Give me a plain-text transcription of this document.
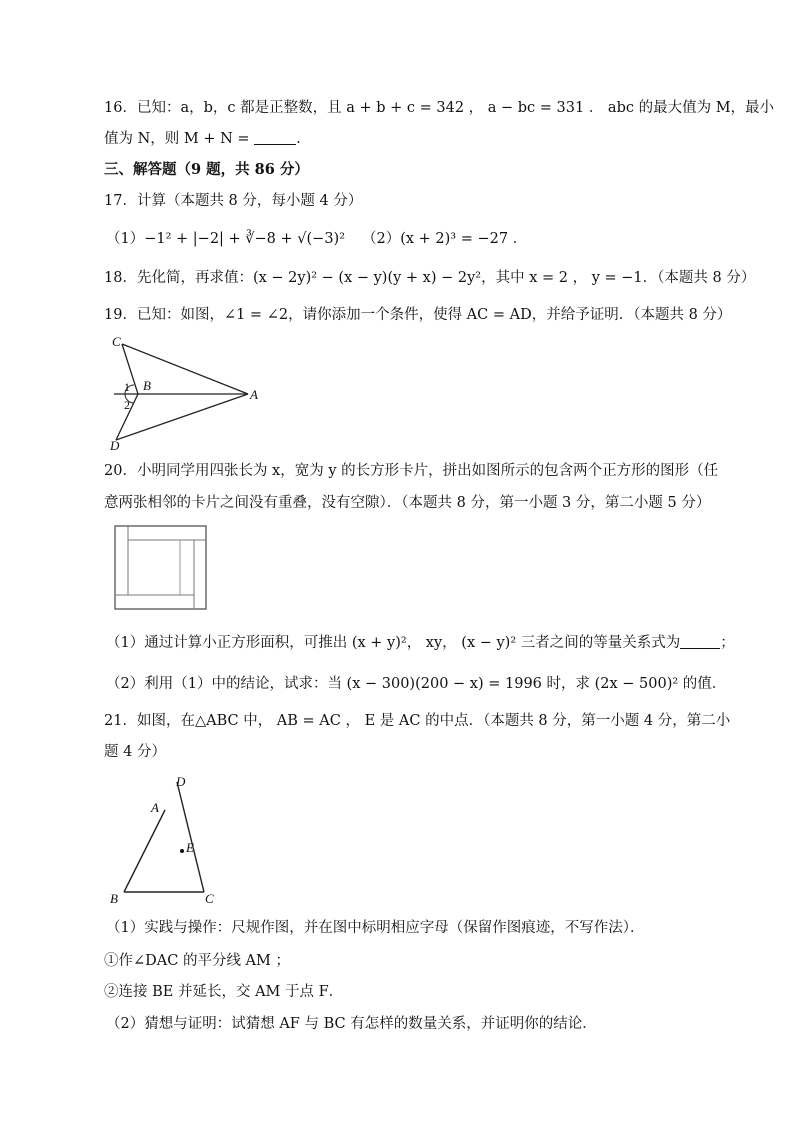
16．已知：a，b，c 都是正整数，且 a + b + c = 342 ， a − bc = 331 ． abc 的最大值为 M，最小
值为 N，则 M + N =	．
三、解答题（9 题，共 86 分）
17．计算（本题共 8 分，每小题 4 分）
（1）−1² + |−2| + ∛−8 + √(−3)² （2）(x + 2)³ = −27 ．
18．先化简，再求值：(x − 2y)² − (x − y)(y + x) − 2y²，其中 x = 2 ， y = −1．（本题共 8 分）
19．已知：如图，∠1 = ∠2，请你添加一个条件，使得 AC = AD，并给予证明．（本题共 8 分）
C
1 B
2
A
D
20．小明同学用四张长为 x，宽为 y 的长方形卡片，拼出如图所示的包含两个正方形的图形（任
意两张相邻的卡片之间没有重叠，没有空隙）．（本题共 8 分，第一小题 3 分，第二小题 5 分）
（1）通过计算小正方形面积，可推出 (x + y)²， xy， (x − y)² 三者之间的等量关系式为	；
（2）利用（1）中的结论，试求：当 (x − 300)(200 − x) = 1996 时，求 (2x − 500)² 的值．
21．如图，在△ABC 中， AB = AC ， E 是 AC 的中点．（本题共 8 分，第一小题 4 分，第二小
题 4 分）
D
A
E
B	C
（1）实践与操作：尺规作图，并在图中标明相应字母（保留作图痕迹，不写作法）．
①作∠DAC 的平分线 AM ；
②连接 BE 并延长，交 AM 于点 F．
（2）猜想与证明：试猜想 AF 与 BC 有怎样的数量关系，并证明你的结论．
